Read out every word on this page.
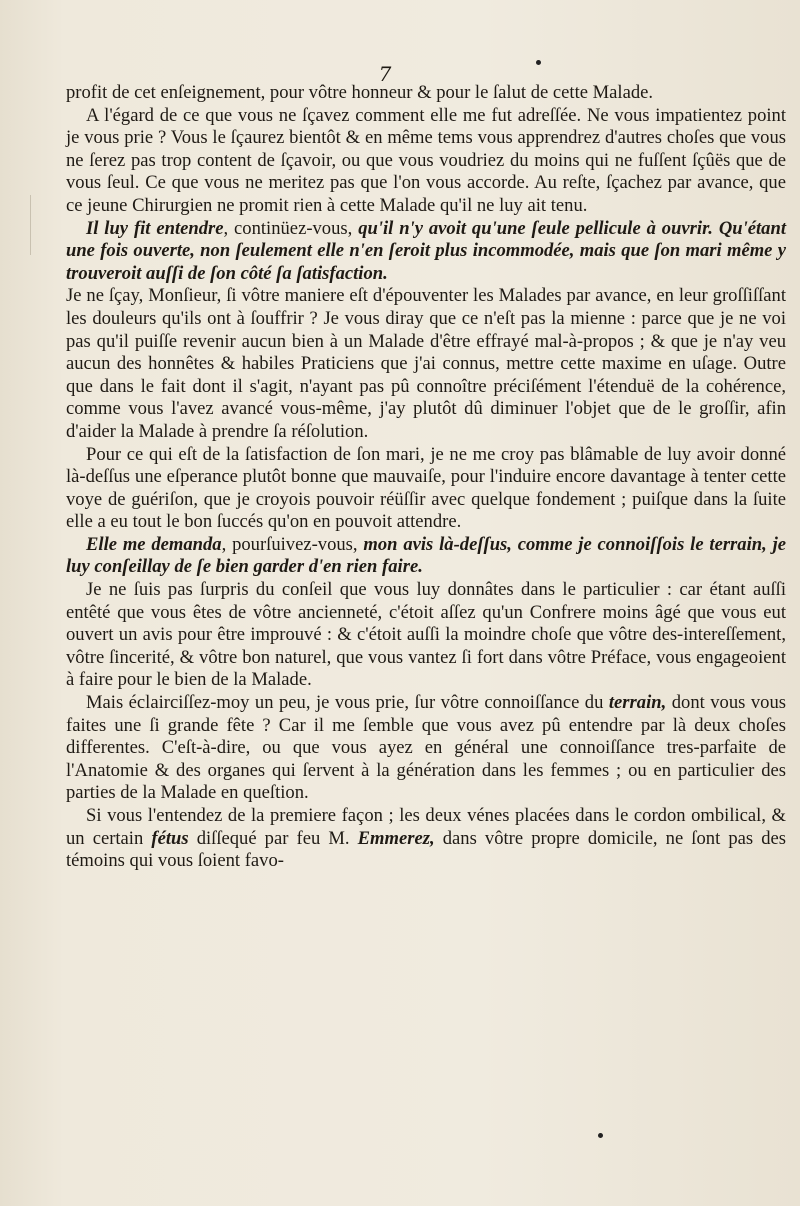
7

profit de cet enſeignement, pour vôtre honneur & pour le ſalut de cette Malade.

A l'égard de ce que vous ne ſçavez comment elle me fut adreſſée. Ne vous impatientez point je vous prie ? Vous le ſçaurez bientôt & en même tems vous apprendrez d'autres choſes que vous ne ſerez pas trop content de ſçavoir, ou que vous voudriez du moins qui ne fuſſent ſçûës que de vous ſeul. Ce que vous ne meritez pas que l'on vous accorde. Au reſte, ſçachez par avance, que ce jeune Chirurgien ne promit rien à cette Malade qu'il ne luy ait tenu.

Il luy fit entendre, continüez-vous, qu'il n'y avoit qu'une ſeule pellicule à ouvrir. Qu'étant une fois ouverte, non ſeulement elle n'en ſeroit plus incommodée, mais que ſon mari même y trouveroit auſſi de ſon côté ſa ſatisfaction.

Je ne ſçay, Monſieur, ſi vôtre maniere eſt d'épouventer les Malades par avance, en leur groſſiſſant les douleurs qu'ils ont à ſouffrir ? Je vous diray que ce n'eſt pas la mienne : parce que je ne voi pas qu'il puiſſe revenir aucun bien à un Malade d'être effrayé mal-à-propos ; & que je n'ay veu aucun des honnêtes & habiles Praticiens que j'ai connus, mettre cette maxime en uſage. Outre que dans le fait dont il s'agit, n'ayant pas pû connoître préciſément l'étenduë de la cohérence, comme vous l'avez avancé vous-même, j'ay plutôt dû diminuer l'objet que de le groſſir, afin d'aider la Malade à prendre ſa réſolution.

Pour ce qui eſt de la ſatisfaction de ſon mari, je ne me croy pas blâmable de luy avoir donné là-deſſus une eſperance plutôt bonne que mauvaiſe, pour l'induire encore davantage à tenter cette voye de guériſon, que je croyois pouvoir réüſſir avec quelque fondement ; puiſque dans la ſuite elle a eu tout le bon ſuccés qu'on en pouvoit attendre.

Elle me demanda, pourſuivez-vous, mon avis là-deſſus, comme je connoiſſois le terrain, je luy conſeillay de ſe bien garder d'en rien faire.

Je ne ſuis pas ſurpris du conſeil que vous luy donnâtes dans le particulier : car étant auſſi entêté que vous êtes de vôtre ancienneté, c'étoit aſſez qu'un Confrere moins âgé que vous eut ouvert un avis pour être improuvé : & c'étoit auſſi la moindre choſe que vôtre des-intereſſement, vôtre ſincerité, & vôtre bon naturel, que vous vantez ſi fort dans vôtre Préface, vous engageoient à faire pour le bien de la Malade.

Mais éclairciſſez-moy un peu, je vous prie, ſur vôtre connoiſſance du terrain, dont vous vous faites une ſi grande fête ? Car il me ſemble que vous avez pû entendre par là deux choſes differentes. C'eſt-à-dire, ou que vous ayez en général une connoiſſance tres-parfaite de l'Anatomie & des organes qui ſervent à la génération dans les femmes ; ou en particulier des parties de la Malade en queſtion.

Si vous l'entendez de la premiere façon ; les deux vénes placées dans le cordon ombilical, & un certain fétus diſſequé par feu M. Emmerez, dans vôtre propre domicile, ne ſont pas des témoins qui vous ſoient favo-
